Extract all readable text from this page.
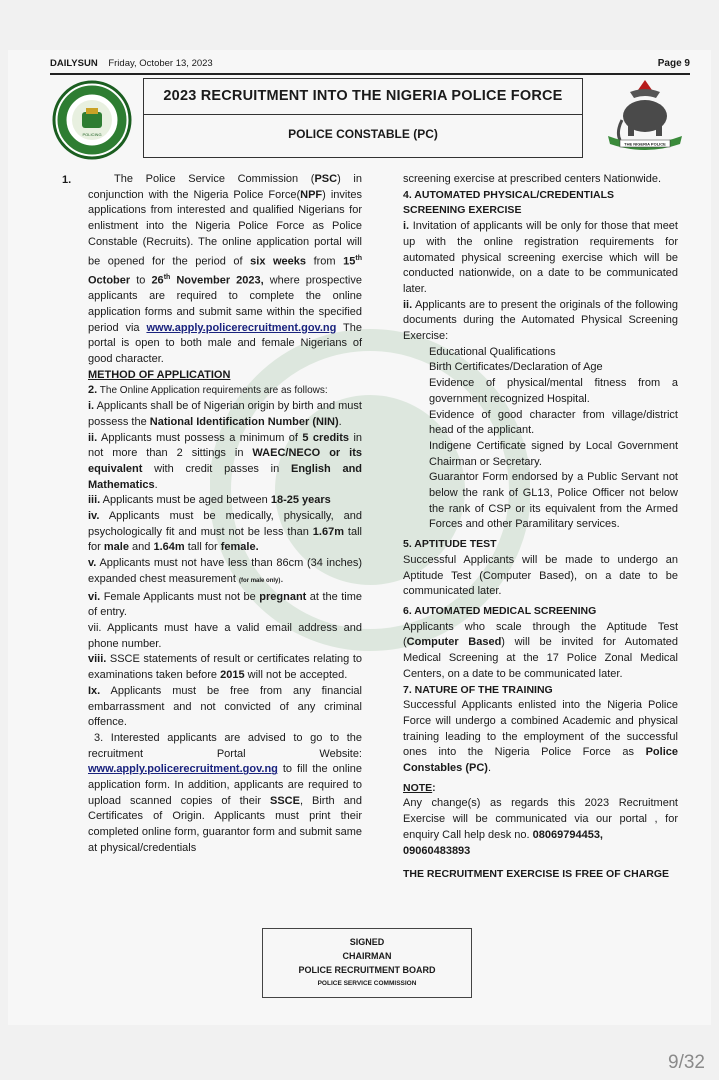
DAILYSUN Friday, October 13, 2023	Page 9
POLICING
2023 RECRUITMENT INTO THE NIGERIA POLICE FORCE
POLICE CONSTABLE (PC)
THE NIGERIA POLICE
1.	The Police Service Commission (PSC) in conjunction with the Nigeria Police Force(NPF) invites applications from interested and qualified Nigerians for enlistment into the Nigeria Police Force as Police Constable (Recruits). The online application portal will be opened for the period of six weeks from 15th October to 26th November 2023, where prospective applicants are required to complete the online application forms and submit same within the specified period via www.apply.policerecruitment.gov.ng The portal is open to both male and female Nigerians of good character.
METHOD OF APPLICATION
2. The Online Application requirements are as follows:
i. Applicants shall be of Nigerian origin by birth and must possess the National Identification Number (NIN).
ii. Applicants must possess a minimum of 5 credits in not more than 2 sittings in WAEC/NECO or its equivalent with credit passes in English and Mathematics.
iii. Applicants must be aged between 18-25 years
iv. Applicants must be medically, physically, and psychologically fit and must not be less than 1.67m tall for male and 1.64m tall for female.
v. Applicants must not have less than 86cm (34 inches) expanded chest measurement (for male only).
vi. Female Applicants must not be pregnant at the time of entry.
vii. Applicants must have a valid email address and phone number.
viii. SSCE statements of result or certificates relating to examinations taken before 2015 will not be accepted.
Ix. Applicants must be free from any financial embarrassment and not convicted of any criminal offence.
3. Interested applicants are advised to go to the recruitment Portal Website: www.apply.policerecruitment.gov.ng to fill the online application form. In addition, applicants are required to upload scanned copies of their SSCE, Birth and Certificates of Origin. Applicants must print their completed online form, guarantor form and submit same at physical/credentials
screening exercise at prescribed centers Nationwide.
4. AUTOMATED PHYSICAL/CREDENTIALS SCREENING EXERCISE
i. Invitation of applicants will be only for those that meet up with the online registration requirements for automated physical screening exercise which will be conducted nationwide, on a date to be communicated later.
ii. Applicants are to present the originals of the following documents during the Automated Physical Screening Exercise:
Educational Qualifications
Birth Certificates/Declaration of Age
Evidence of physical/mental fitness from a government recognized Hospital.
Evidence of good character from village/district head of the applicant.
Indigene Certificate signed by Local Government Chairman or Secretary.
Guarantor Form endorsed by a Public Servant not below the rank of GL13, Police Officer not below the rank of CSP or its equivalent from the Armed Forces and other Paramilitary services.
5. APTITUDE TEST
Successful Applicants will be made to undergo an Aptitude Test (Computer Based), on a date to be communicated later.
6. AUTOMATED MEDICAL SCREENING
Applicants who scale through the Aptitude Test (Computer Based) will be invited for Automated Medical Screening at the 17 Police Zonal Medical Centers, on a date to be communicated later.
7. NATURE OF THE TRAINING
Successful Applicants enlisted into the Nigeria Police Force will undergo a combined Academic and physical training leading to the employment of the successful ones into the Nigeria Police Force as Police Constables (PC).
NOTE:
Any change(s) as regards this 2023 Recruitment Exercise will be communicated via our portal , for enquiry Call help desk no. 08069794453,
09060483893
THE RECRUITMENT EXERCISE IS FREE OF CHARGE
SIGNED
CHAIRMAN
POLICE RECRUITMENT BOARD
POLICE SERVICE COMMISSION
9/32
